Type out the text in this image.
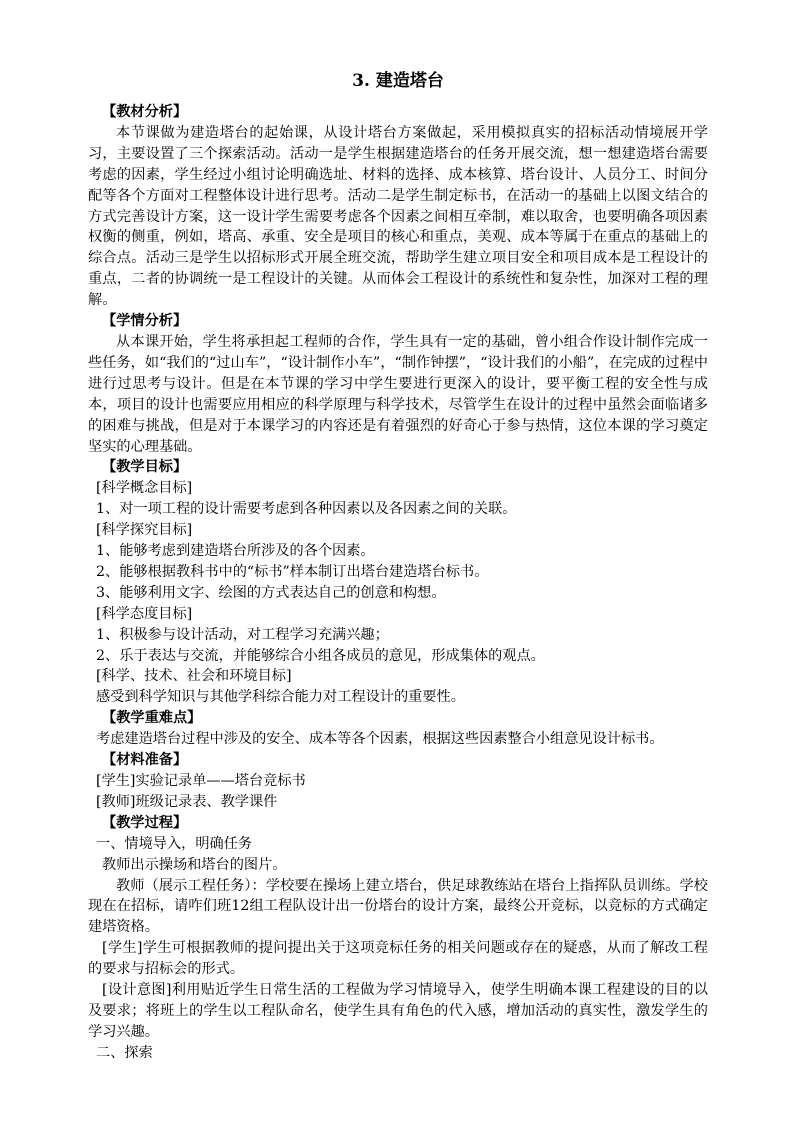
3. 建造塔台

【教材分析】

本节课做为建造塔台的起始课，从设计塔台方案做起，采用模拟真实的招标活动情境展开学习，主要设置了三个探索活动。活动一是学生根据建造塔台的任务开展交流，想一想建造塔台需要考虑的因素，学生经过小组讨论明确选址、材料的选择、成本核算、塔台设计、人员分工、时间分配等各个方面对工程整体设计进行思考。活动二是学生制定标书，在活动一的基础上以图文结合的方式完善设计方案，这一设计学生需要考虑各个因素之间相互牵制，难以取舍，也要明确各项因素权衡的侧重，例如，塔高、承重、安全是项目的核心和重点，美观、成本等属于在重点的基础上的综合点。活动三是学生以招标形式开展全班交流，帮助学生建立项目安全和项目成本是工程设计的重点，二者的协调统一是工程设计的关键。从而体会工程设计的系统性和复杂性，加深对工程的理解。

【学情分析】

从本课开始，学生将承担起工程师的合作，学生具有一定的基础，曾小组合作设计制作完成一些任务，如“我们的“过山车”，“设计制作小车”，“制作钟摆”，“设计我们的小船”，在完成的过程中进行过思考与设计。但是在本节课的学习中学生要进行更深入的设计，要平衡工程的安全性与成本，项目的设计也需要应用相应的科学原理与科学技术，尽管学生在设计的过程中虽然会面临诸多的困难与挑战，但是对于本课学习的内容还是有着强烈的好奇心于参与热情，这位本课的学习奠定坚实的心理基础。

【教学目标】

[科学概念目标]

1、对一项工程的设计需要考虑到各种因素以及各因素之间的关联。

[科学探究目标]

1、能够考虑到建造塔台所涉及的各个因素。

2、能够根据教科书中的“标书”样本制订出塔台建造塔台标书。

3、能够利用文字、绘图的方式表达自己的创意和构想。

[科学态度目标]

1、积极参与设计活动，对工程学习充满兴趣；

2、乐于表达与交流，并能够综合小组各成员的意见，形成集体的观点。

[科学、技术、社会和环境目标]

感受到科学知识与其他学科综合能力对工程设计的重要性。

【教学重难点】

考虑建造塔台过程中涉及的安全、成本等各个因素，根据这些因素整合小组意见设计标书。

【材料准备】

[学生]实验记录单——塔台竞标书

[教师]班级记录表、教学课件

【教学过程】

一、情境导入，明确任务

教师出示操场和塔台的图片。

教师（展示工程任务）：学校要在操场上建立塔台，供足球教练站在塔台上指挥队员训练。学校现在在招标，请咋们班12组工程队设计出一份塔台的设计方案，最终公开竞标，以竞标的方式确定建塔资格。

[学生]学生可根据教师的提问提出关于这项竞标任务的相关问题或存在的疑惑，从而了解改工程的要求与招标会的形式。

[设计意图]利用贴近学生日常生活的工程做为学习情境导入，使学生明确本课工程建设的目的以及要求；将班上的学生以工程队命名，使学生具有角色的代入感，增加活动的真实性，激发学生的学习兴趣。

二、探索
